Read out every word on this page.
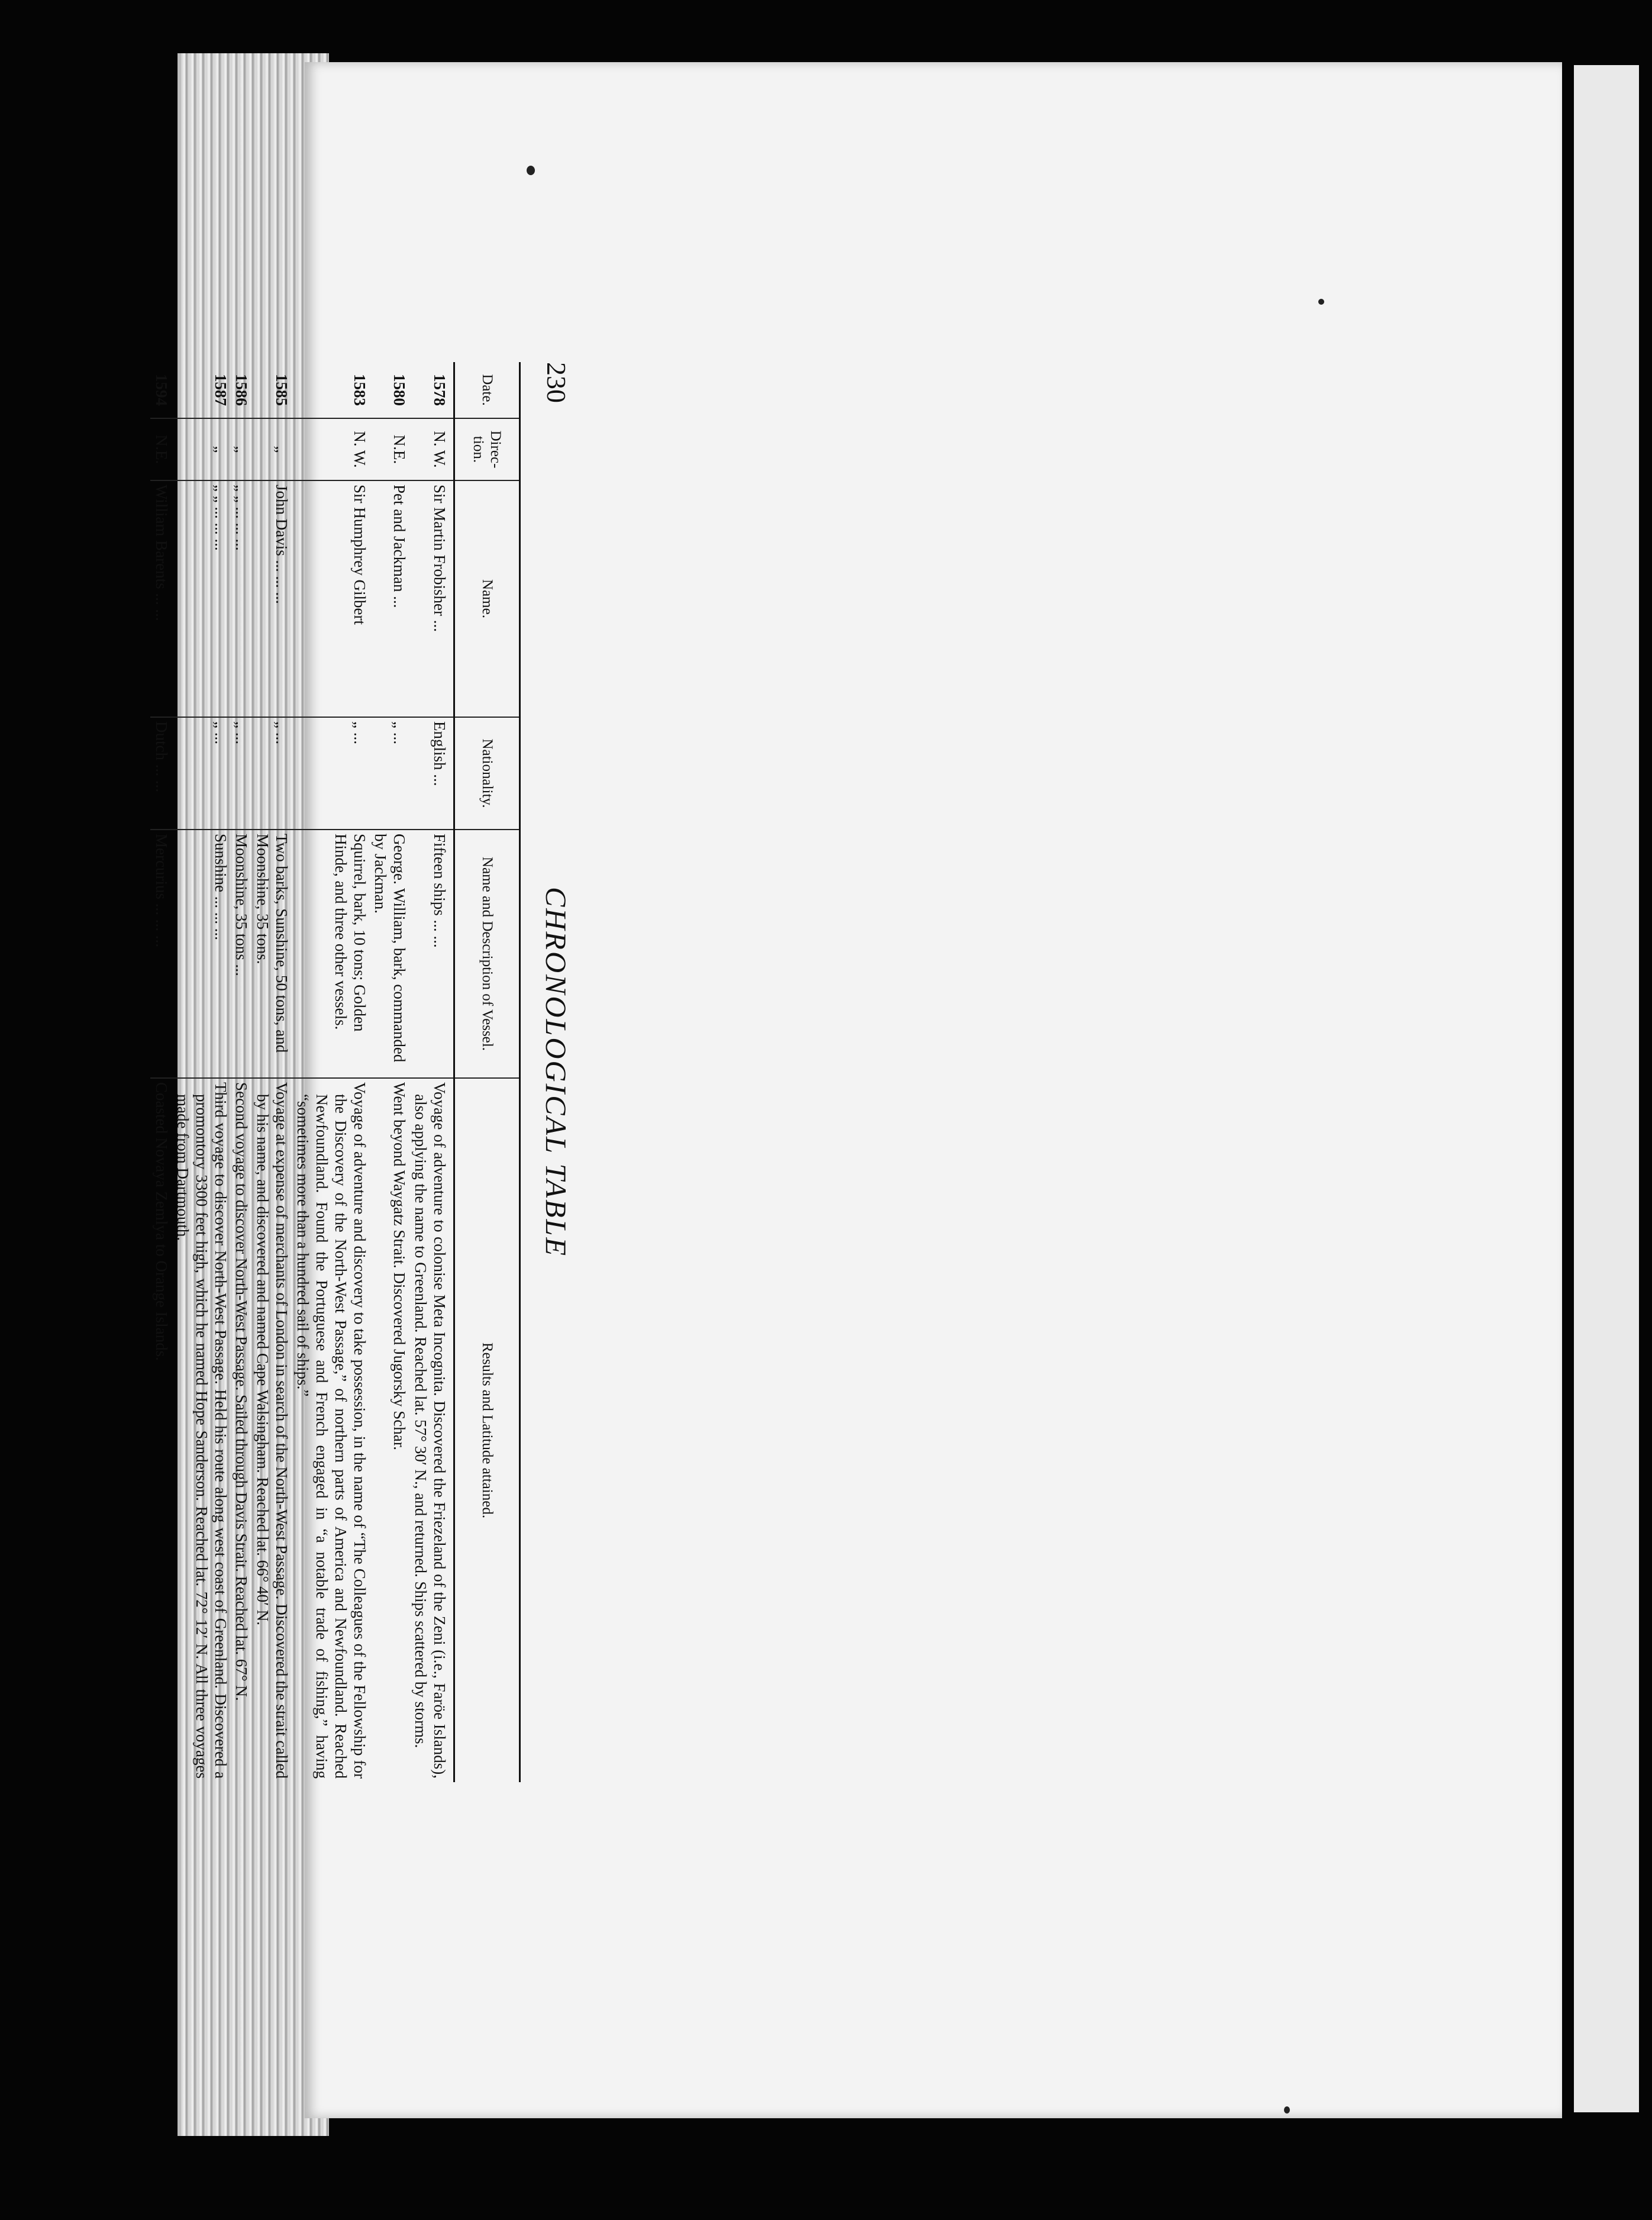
230
CHRONOLOGICAL TABLE
Date.	Direc-tion.	Name.	Nationality.	Name and Description of Vessel.	Results and Latitude attained.
1578	N. W.	Sir Martin Frobisher ...	English ...	Fifteen ships ... ...	Voyage of adventure to colonise Meta Incognita. Discovered the Friezeland of the Zeni (i.e., Faröe Islands), also applying the name to Greenland. Reached lat. 57° 30′ N., and returned. Ships scattered by storms.
1580	N.E.	Pet and Jackman ...	„ ...	George. William, bark, commanded by Jackman.	Went beyond Waygatz Strait. Discovered Jugorsky Schar.
1583	N. W.	Sir Humphrey Gilbert	„ ...	Squirrel, bark, 10 tons; Golden Hinde, and three other vessels.	Voyage of adventure and discovery to take possession, in the name of “The Colleagues of the Fellowship for the Discovery of the North-West Passage,” of northern parts of America and Newfoundland. Reached Newfoundland. Found the Portuguese and French engaged in “a notable trade of fishing,” having “sometimes more than a hundred sail of ships.”
1585	„	John Davis ... ... ...	„ ...	Two barks, Sunshine, 50 tons, and Moonshine, 35 tons.	Voyage at expense of merchants of London in search of the North-West Passage. Discovered the strait called by his name, and discovered and named Cape Walsingham. Reached lat. 66° 40′ N.
1586	„	„ „ ... ... ...	„ ...	Moonshine, 35 tons ...	Second voyage to discover North-West Passage. Sailed through Davis Strait. Reached lat. 67° N.
1587	„	„ „ ... ... ...	„ ...	Sunshine ... ... ...	Third voyage to discover North-West Passage. Held his route along west coast of Greenland. Discovered a promontory 3300 feet high, which he named Hope Sanderson. Reached lat. 72° 12′ N. All three voyages made from Dartmouth.
1594	N.E.	William Barents ... ...	Dutch ... ...	Mercurius ... ... ...	Coasted Novaya Zemlya to Orange Islands.
